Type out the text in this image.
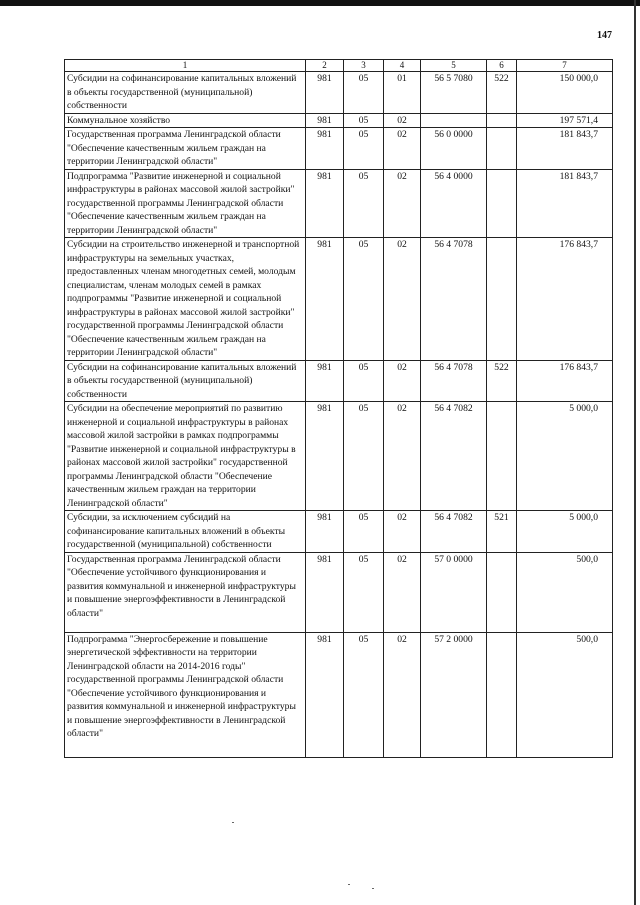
147
1	2	3	4	5	6	7
Субсидии на софинансирование капитальных вложений в объекты государственной (муниципальной) собственности	981	05	01	56 5 7080	522	150 000,0
Коммунальное хозяйство	981	05	02			197 571,4
Государственная программа Ленинградской области "Обеспечение качественным жильем граждан на территории Ленинградской области"	981	05	02	56 0 0000		181 843,7
Подпрограмма "Развитие инженерной и социальной инфраструктуры в районах массовой жилой застройки" государственной программы Ленинградской области "Обеспечение качественным жильем граждан на территории Ленинградской области"	981	05	02	56 4 0000		181 843,7
Субсидии на строительство инженерной и транспортной инфраструктуры на земельных участках, предоставленных членам многодетных семей, молодым специалистам, членам молодых семей в рамках подпрограммы "Развитие инженерной и социальной инфраструктуры в районах массовой жилой застройки" государственной программы Ленинградской области "Обеспечение качественным жильем граждан на территории Ленинградской области"	981	05	02	56 4 7078		176 843,7
Субсидии на софинансирование капитальных вложений в объекты государственной (муниципальной) собственности	981	05	02	56 4 7078	522	176 843,7
Субсидии на обеспечение мероприятий по развитию инженерной и социальной инфраструктуры в районах массовой жилой застройки в рамках подпрограммы "Развитие инженерной и социальной инфраструктуры в районах массовой жилой застройки" государственной программы Ленинградской области "Обеспечение качественным жильем граждан на территории Ленинградской области"	981	05	02	56 4 7082		5 000,0
Субсидии, за исключением субсидий на софинансирование капитальных вложений в объекты государственной (муниципальной) собственности	981	05	02	56 4 7082	521	5 000,0
Государственная программа Ленинградской области "Обеспечение устойчивого функционирования и развития коммунальной и инженерной инфраструктуры и повышение энергоэффективности в Ленинградской области"	981	05	02	57 0 0000		500,0
Подпрограмма "Энергосбережение и повышение энергетической эффективности на территории Ленинградской области на 2014-2016 годы" государственной программы Ленинградской области "Обеспечение устойчивого функционирования и развития коммунальной и инженерной инфраструктуры и повышение энергоэффективности в Ленинградской области"	981	05	02	57 2 0000		500,0
